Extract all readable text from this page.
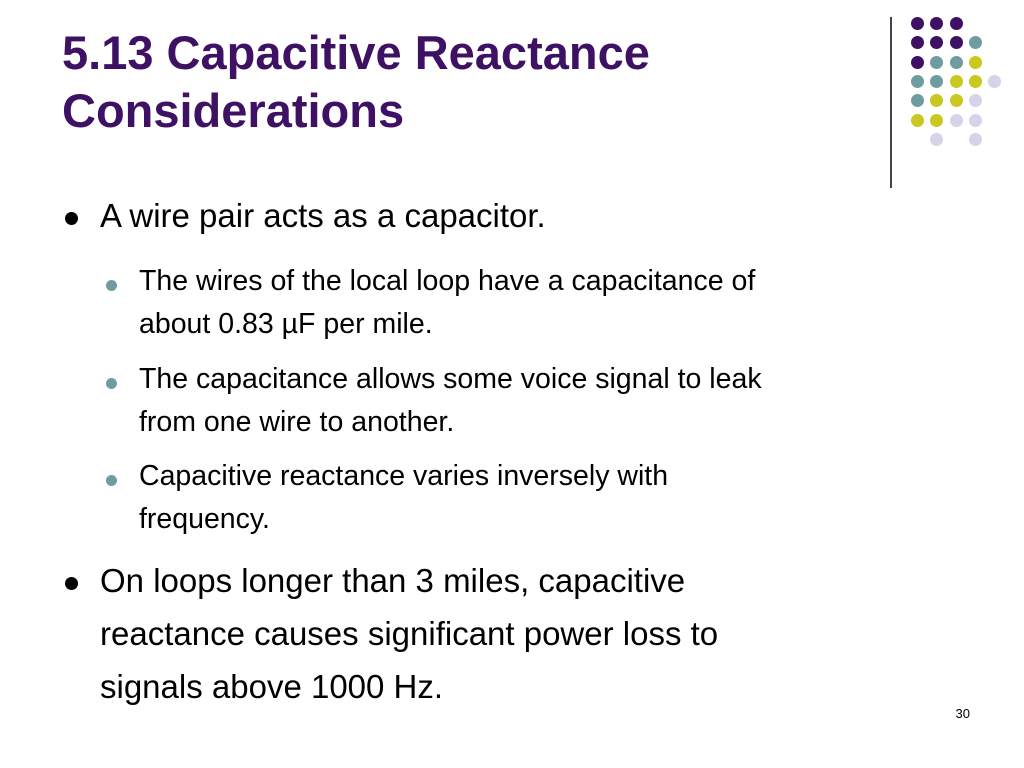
5.13 Capacitive Reactance
Considerations
A wire pair acts as a capacitor.
The wires of the local loop have a capacitance of
about 0.83 µF per mile.
The capacitance allows some voice signal to leak
from one wire to another.
Capacitive reactance varies inversely with
frequency.
On loops longer than 3 miles, capacitive
reactance causes significant power loss to
signals above 1000 Hz.
30
